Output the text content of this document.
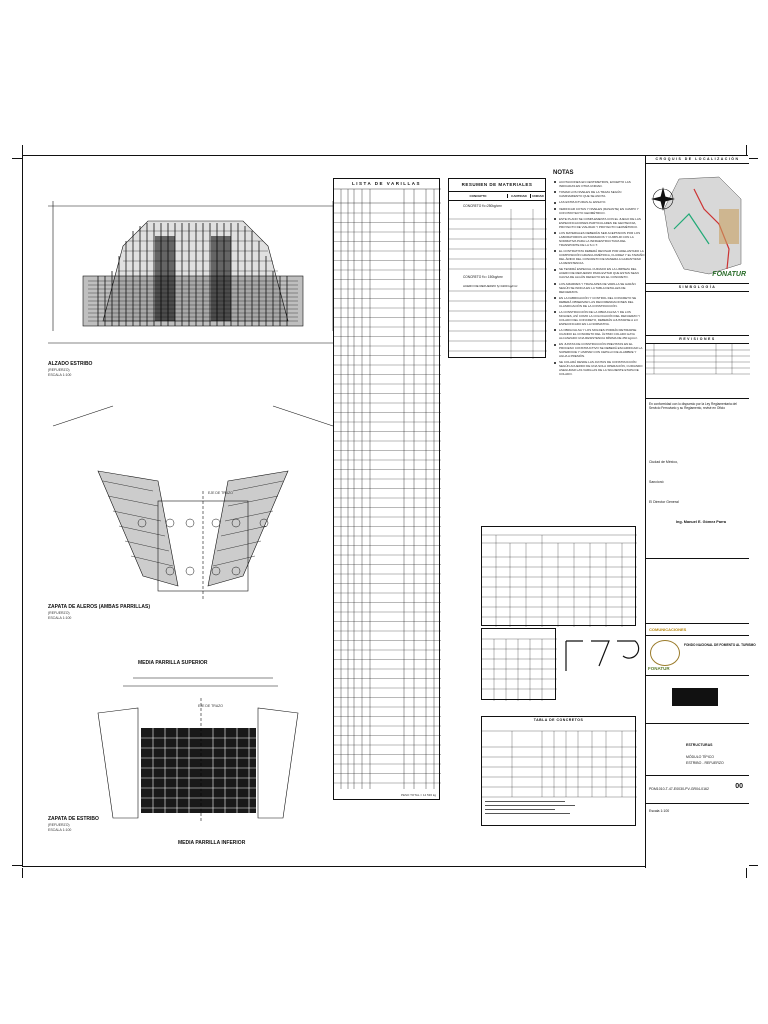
ALZADO ESTRIBO
(REFUERZO)
ESCALA 1:100
EJE DE TRAZO
ZAPATA DE ALEROS (AMBAS PARRILLAS)
(REFUERZO)
ESCALA 1:100
MEDIA PARRILLA SUPERIOR
EJE DE TRAZO
ZAPATA DE ESTRIBO
(REFUERZO)
ESCALA 1:100
MEDIA PARRILLA INFERIOR
LISTA DE VARILLAS
PESO TOTAL = 14 536 kg
RESUMEN DE MATERIALES
CONCEPTO	CANTIDAD	UNIDAD
CONCRETO f'c=250kg/cm²
CONCRETO f'c= 150kg/cm²
ACERO DE REFUERZO fy=4200 kg/cm²
NOTAS
ACOTACIONES EN CENTIMETROS, EXCEPTO LAS INDICADAS EN OTRA UNIDAD.
TOMAR LOS NIVELES DE LA TRAZA SEGÚN CAMINAMIENTO QUE SE ANOTA.
LAS ESTRUCTURAS AL ENSAYO.
VERIFICAR COTAS Y NIVELES (RASANTE) EN CAMPO Y CON PROYECTO GEOMÉTRICO.
ESTE PLANO SE COMPLEMENTA CON EL JUEGO DE LAS ESPECIFICACIONES PARTICULARES DE GEOTECNIA, PROYECTO DE VIALIDAD Y PROYECTO GEOMÉTRICO.
LOS MATERIALES DEBERÁN SER ACEPTADOS POR LOS LABORATORIOS AUTORIZADOS Y CUMPLIR CON LA NORMATIVA PARA LA INFRAESTRUCTURA DEL TRANSPORTE DE LA S.C.T.
EL CONTRATISTA DEBERÁ REVISAR POR ADELANTADO LA COMPOSICIÓN GRANULOMÉTRICA, FLUIDEZ Y EL TAMAÑO DEL ÁRIDO DEL CONCRETO DE MANERA A GARANTIZAR LA RESISTENCIA.
SE TENDRÁ ESPECIAL CUIDADO EN LA LIMPIEZA DEL ACERO DE REFUERZO PARA EVITAR QUE ESTAS SEAN CAUSA DE ALGÚN DEFECTO EN EL CONCRETO.
LOS AMARRES Y TRASLAPES DE VARILLA SE HARÁN SEGÚN SE INDICA EN LA TABLA DETALLES DE REFUERZOS.
EN LA FABRICACIÓN Y CONTROL DEL CONCRETO SE DEBERÁ OBSERVAR LAS RECOMENDACIONES DEL CLASIFICACIÓN DE LA CONSTRUCCIÓN.
LA CONSTRUCCIÓN DE LA OBRA FALSA Y DE LOS MOLDES, ASÍ COMO LA COLOCACIÓN DEL REFUERZO Y COLADO DEL CONCRETO, DEBERÁN AJUSTARSE A LO ESPECIFICADO EN LA NORMATIVA.
LA OBRA FALSA Y LOS MOLDES PODRÁN RETIRARSE CUANDO EL CONCRETO DEL ÚLTIMO COLADO HAYA ALCANZADO UNA RESISTENCIA MÍNIMA DE 250 kg/cm².
EN JUNTAS DE CONSTRUCCIÓN PREVISTAS EN EL PROCESO CONSTRUCTIVO SE DEBERÁ ESCARIFICAR LA SUPERFICIE Y LIMPIAR CON CEPILLO DE ALAMBRE Y AGUA A PRESIÓN.
SE COLARÁ DESDE LAS JUNTAS DE CONSTRUCCIÓN SEGÚN ACUERDO DE UNA SOLA OPERACIÓN, CUIDANDO ASEGURAR LAS VARILLAS DE LA SIGUIENTE ETAPA DE COLADO.
TABLA DE CONCRETOS
CROQUIS DE LOCALIZACIÓN
FONATUR
SIMBOLOGÍA
REVISIONES
En conformidad con lo dispuesto por la Ley Reglamentaria del Servicio Ferroviario y su Reglamento, revisé en Oficio
Ciudad de México,
Sancionó
El Director General
Ing. Manuel E. Gómez Parra
COMUNICACIONES
FONATUR
FONDO NACIONAL DE FOMENTO AL TURISMO
ESTRUCTURAS
MÓDULO TÍPICO
ESTRIBO - REFUERZO
PDM1010-T-47-E0030-PV-GR04-0162	00
Escala 1:100
